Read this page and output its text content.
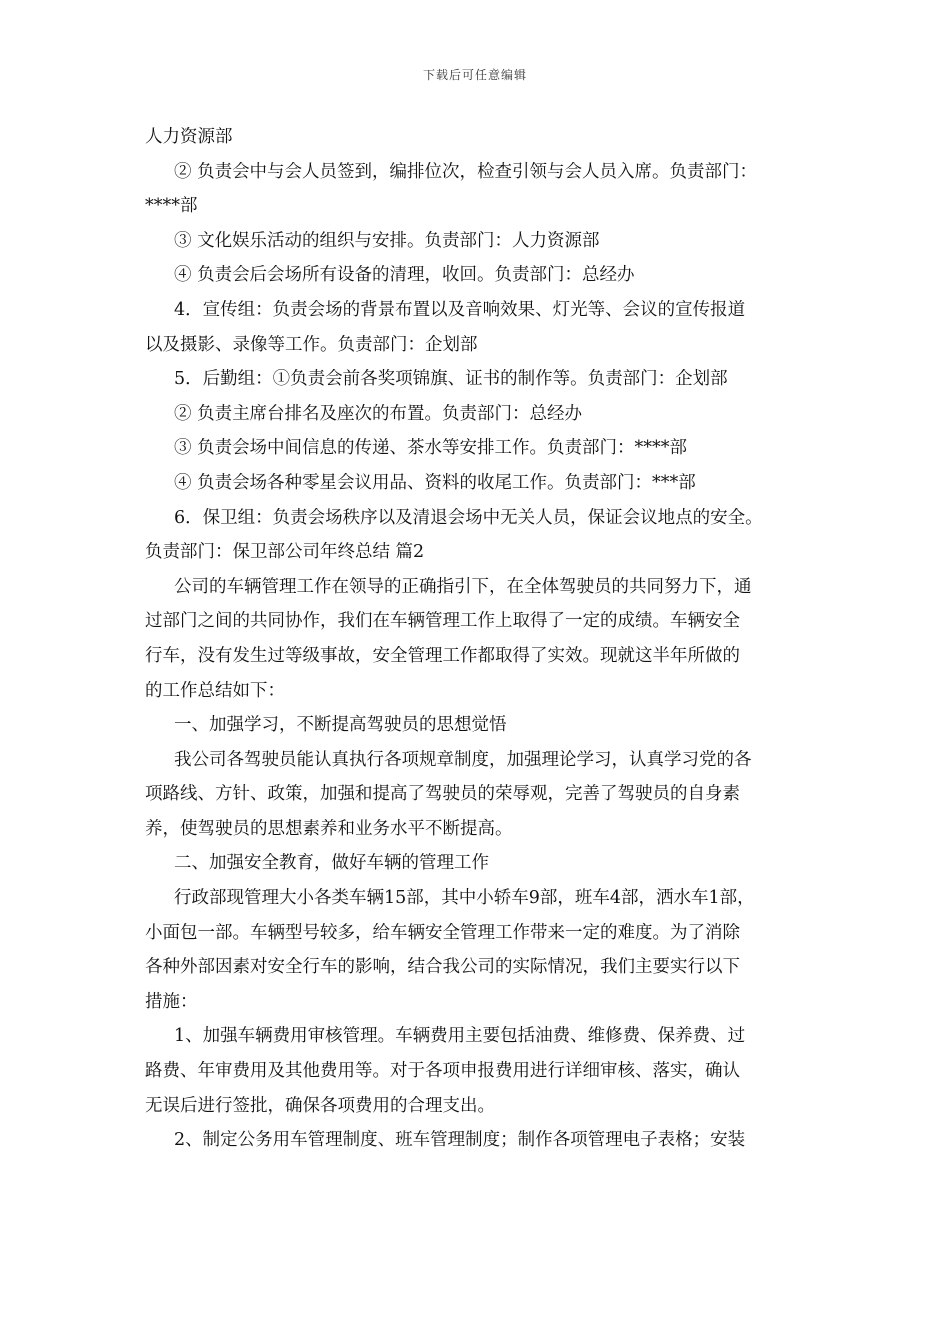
下载后可任意编辑
人力资源部
② 负责会中与会人员签到，编排位次，检查引领与会人员入席。负责部门：
****部
③ 文化娱乐活动的组织与安排。负责部门：人力资源部
④ 负责会后会场所有设备的清理，收回。负责部门：总经办
4．宣传组：负责会场的背景布置以及音响效果、灯光等、会议的宣传报道
以及摄影、录像等工作。负责部门：企划部
5．后勤组：①负责会前各奖项锦旗、证书的制作等。负责部门：企划部
② 负责主席台排名及座次的布置。负责部门：总经办
③ 负责会场中间信息的传递、茶水等安排工作。负责部门：****部
④ 负责会场各种零星会议用品、资料的收尾工作。负责部门：***部
6．保卫组：负责会场秩序以及清退会场中无关人员，保证会议地点的安全。
负责部门：保卫部公司年终总结 篇2
公司的车辆管理工作在领导的正确指引下，在全体驾驶员的共同努力下，通
过部门之间的共同协作，我们在车辆管理工作上取得了一定的成绩。车辆安全
行车，没有发生过等级事故，安全管理工作都取得了实效。现就这半年所做的
的工作总结如下：
一、加强学习，不断提高驾驶员的思想觉悟
我公司各驾驶员能认真执行各项规章制度，加强理论学习，认真学习党的各
项路线、方针、政策，加强和提高了驾驶员的荣辱观，完善了驾驶员的自身素
养，使驾驶员的思想素养和业务水平不断提高。
二、加强安全教育，做好车辆的管理工作
行政部现管理大小各类车辆15部，其中小轿车9部，班车4部，洒水车1部，
小面包一部。车辆型号较多，给车辆安全管理工作带来一定的难度。为了消除
各种外部因素对安全行车的影响，结合我公司的实际情况，我们主要实行以下
措施：
1、加强车辆费用审核管理。车辆费用主要包括油费、维修费、保养费、过
路费、年审费用及其他费用等。对于各项申报费用进行详细审核、落实，确认
无误后进行签批，确保各项费用的合理支出。
2、制定公务用车管理制度、班车管理制度；制作各项管理电子表格；安装
